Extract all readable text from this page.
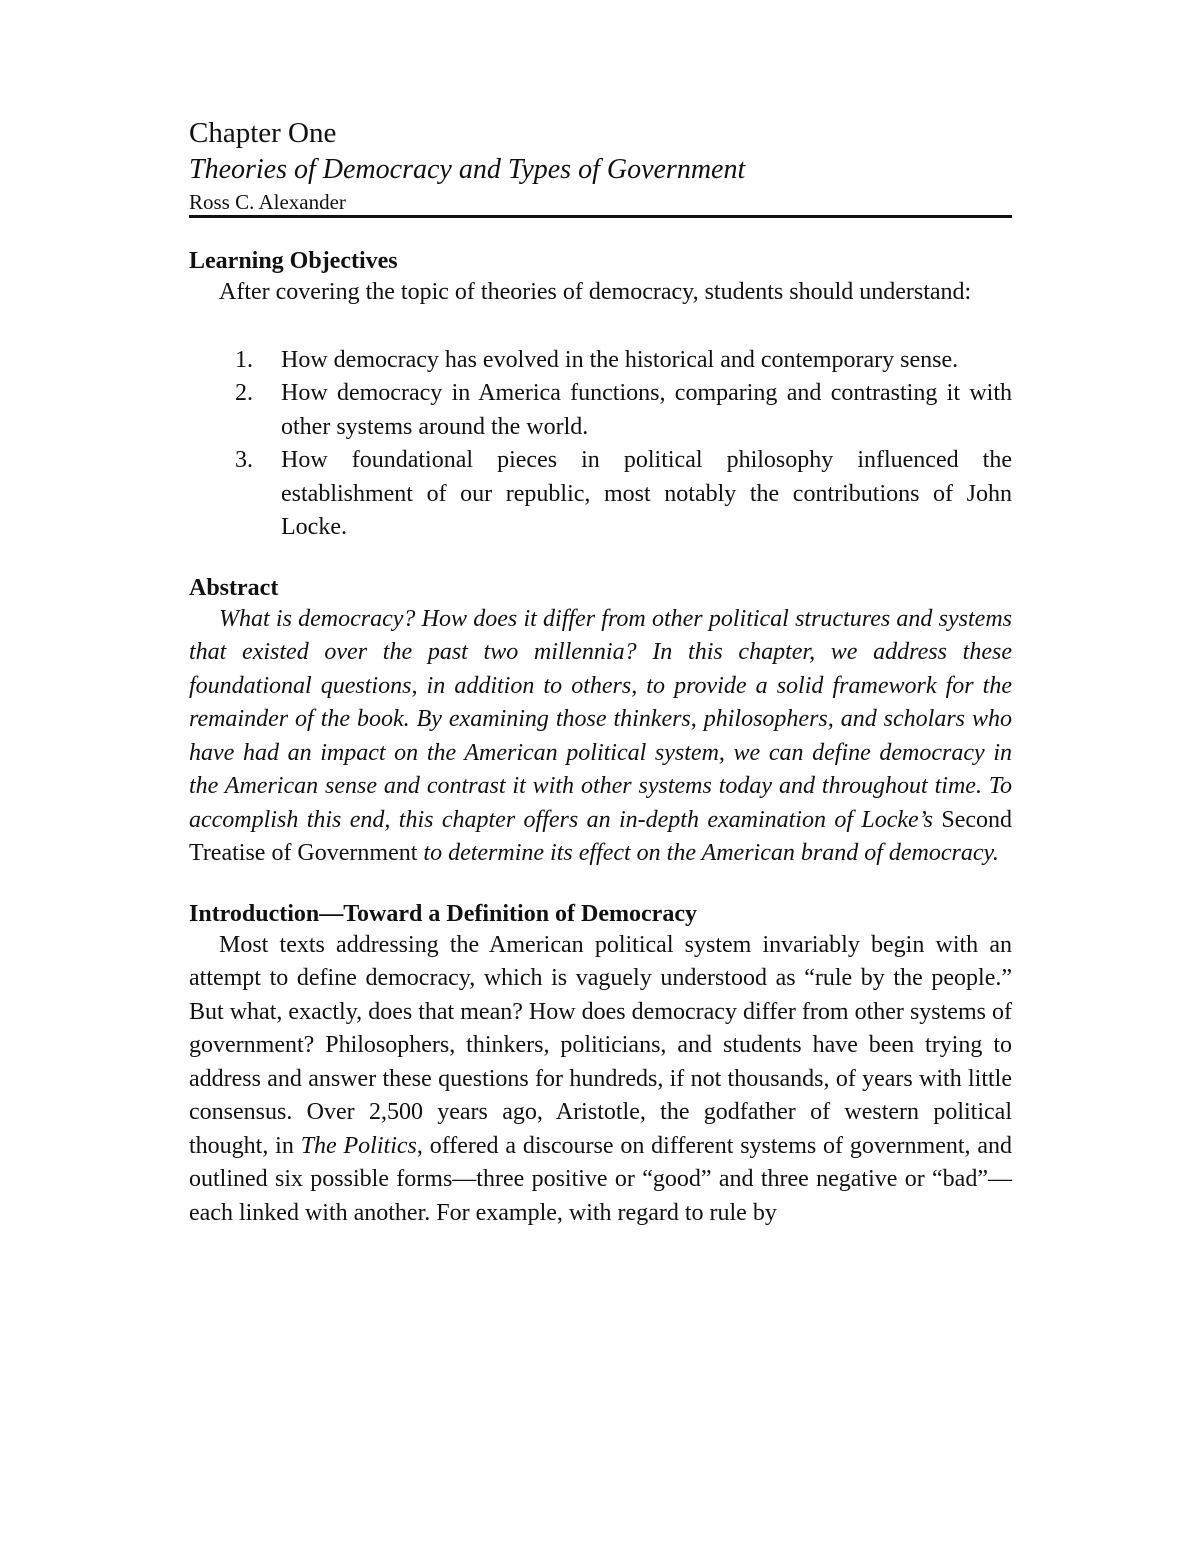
Chapter One
Theories of Democracy and Types of Government
Ross C. Alexander
Learning Objectives

After covering the topic of theories of democracy, students should understand:

1. How democracy has evolved in the historical and contemporary sense.
2. How democracy in America functions, comparing and contrasting it with other systems around the world.
3. How foundational pieces in political philosophy influenced the establishment of our republic, most notably the contributions of John Locke.
Abstract

What is democracy? How does it differ from other political structures and systems that existed over the past two millennia? In this chapter, we address these foundational questions, in addition to others, to provide a solid framework for the remainder of the book. By examining those thinkers, philosophers, and scholars who have had an impact on the American political system, we can define democracy in the American sense and contrast it with other systems today and throughout time. To accomplish this end, this chapter offers an in-depth examination of Locke’s Second Treatise of Government to determine its effect on the American brand of democracy.

Introduction—Toward a Definition of Democracy

Most texts addressing the American political system invariably begin with an attempt to define democracy, which is vaguely understood as “rule by the people.” But what, exactly, does that mean? How does democracy differ from other systems of government? Philosophers, thinkers, politicians, and students have been trying to address and answer these questions for hundreds, if not thousands, of years with little consensus. Over 2,500 years ago, Aristotle, the godfather of western political thought, in The Politics, offered a discourse on different systems of government, and outlined six possible forms—three positive or “good” and three negative or “bad”—each linked with another. For example, with regard to rule by
